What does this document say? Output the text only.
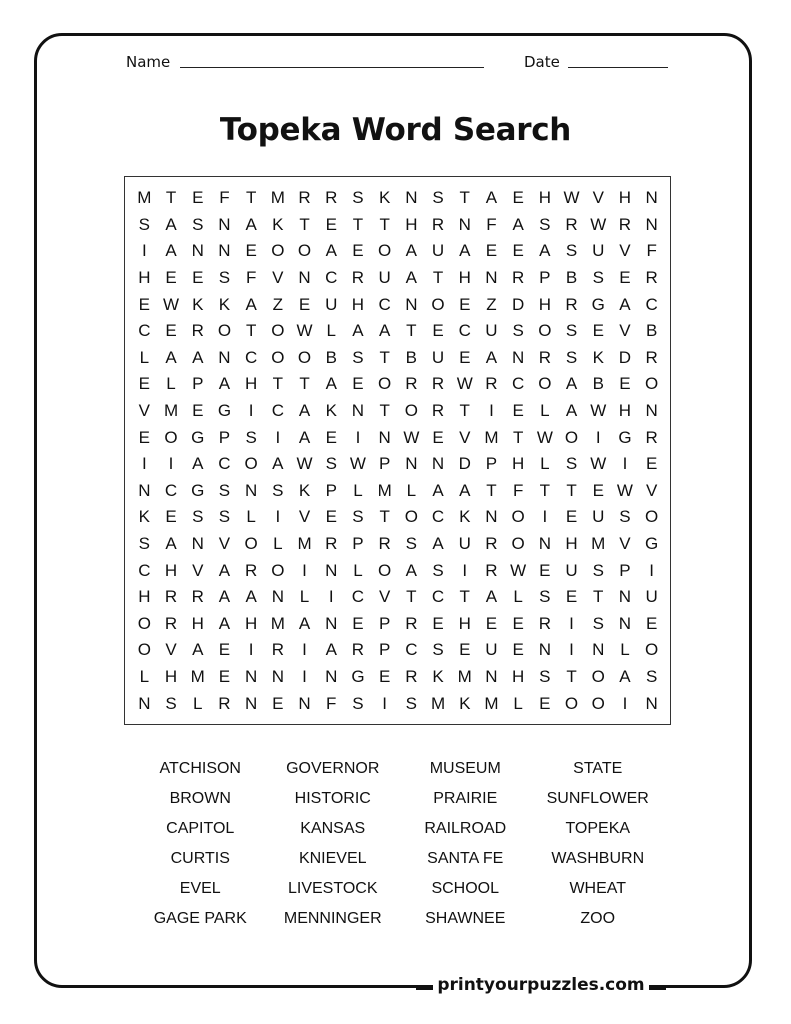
Name	Date
Topeka Word Search
M T E F T M R R S K N S T A E H W V H N
S A S N A K T E T T H R N F A S R W R N
I	A N N E O O A E O A U A E E A S U V F
H E E S F V N C R U A T H N R P B S E R
E W K K A Z E U H C N O E Z D H R G A C
C E R O T O W L A A T E C U S O S E V B
L A A N C O O B S T B U E A N R S K D R
E L P A H T T A E O R R W R C O A B E O
V M E G	I	C A K N T O R T	I	E L A W H N
E O G P S	I	A E	I	N W E V M T W O	I	G R
I	I	A C O A W S W P N N D P H L S W I	E
N C G S N S K P L M L A A T F T T E W V
K E S S L	I	V E S T O C K N O	I	E U S O
S A N V O L M R P R S A U R O N H M V G
C H V A R O	I	N L O A S	I	R W E U S P	I
H R R A A N L	I	C V T C T A L S E T N U
O R H A H M A N E P R E H E E R	I	S N E
O V A E	I	R	I	A R P C S E U E N	I	N L O
L H M E N N	I	N G E R K M N H S T O A S
N S L R N E N F S	I	S M K M L E O O	I	N
ATCHISON	GOVERNOR	MUSEUM	STATE
BROWN	HISTORIC	PRAIRIE	SUNFLOWER
CAPITOL	KANSAS	RAILROAD	TOPEKA
CURTIS	KNIEVEL	SANTA FE	WASHBURN
EVEL	LIVESTOCK	SCHOOL	WHEAT
GAGE PARK	MENNINGER	SHAWNEE	ZOO
printyourpuzzles.com
